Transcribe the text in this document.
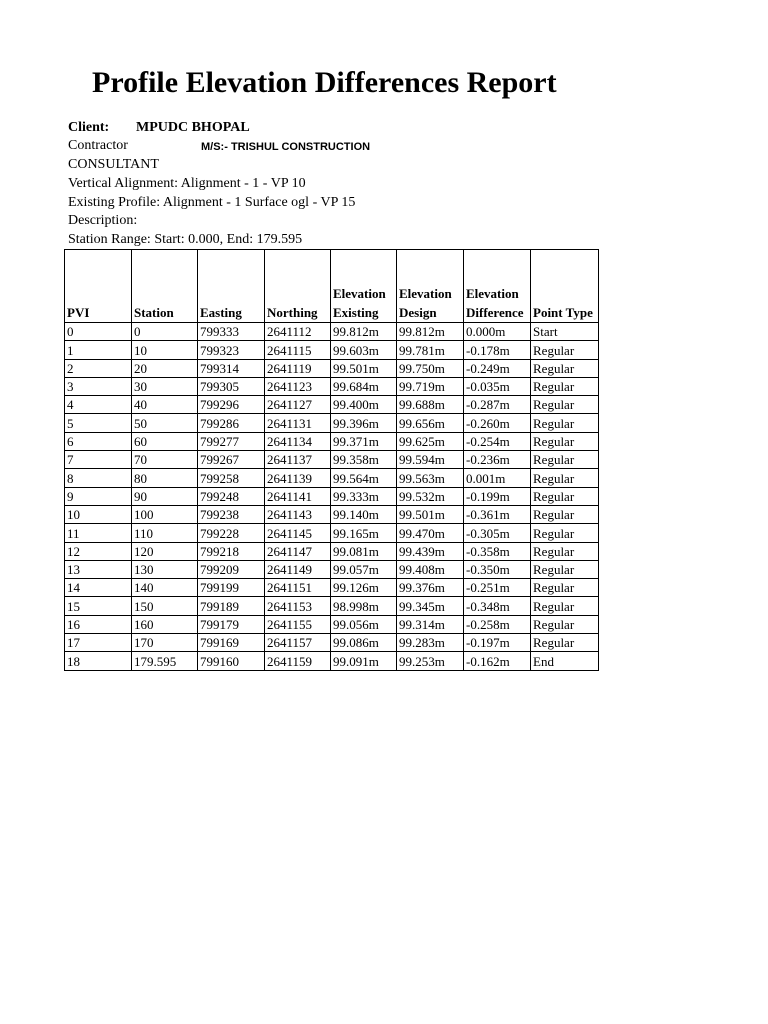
Profile Elevation Differences Report
Client: MPUDC BHOPAL
Contractor	M/S:- TRISHUL CONSTRUCTION
CONSULTANT
Vertical Alignment: Alignment - 1 - VP 10
Existing Profile: Alignment - 1 Surface ogl - VP 15
Description:
Station Range: Start: 0.000, End: 179.595
PVI	Station	Easting	Northing	Elevation Existing	Elevation Design	Elevation Difference	Point Type
0	0	799333	2641112	99.812m	99.812m	0.000m	Start
1	10	799323	2641115	99.603m	99.781m	-0.178m	Regular
2	20	799314	2641119	99.501m	99.750m	-0.249m	Regular
3	30	799305	2641123	99.684m	99.719m	-0.035m	Regular
4	40	799296	2641127	99.400m	99.688m	-0.287m	Regular
5	50	799286	2641131	99.396m	99.656m	-0.260m	Regular
6	60	799277	2641134	99.371m	99.625m	-0.254m	Regular
7	70	799267	2641137	99.358m	99.594m	-0.236m	Regular
8	80	799258	2641139	99.564m	99.563m	0.001m	Regular
9	90	799248	2641141	99.333m	99.532m	-0.199m	Regular
10	100	799238	2641143	99.140m	99.501m	-0.361m	Regular
11	110	799228	2641145	99.165m	99.470m	-0.305m	Regular
12	120	799218	2641147	99.081m	99.439m	-0.358m	Regular
13	130	799209	2641149	99.057m	99.408m	-0.350m	Regular
14	140	799199	2641151	99.126m	99.376m	-0.251m	Regular
15	150	799189	2641153	98.998m	99.345m	-0.348m	Regular
16	160	799179	2641155	99.056m	99.314m	-0.258m	Regular
17	170	799169	2641157	99.086m	99.283m	-0.197m	Regular
18	179.595	799160	2641159	99.091m	99.253m	-0.162m	End
